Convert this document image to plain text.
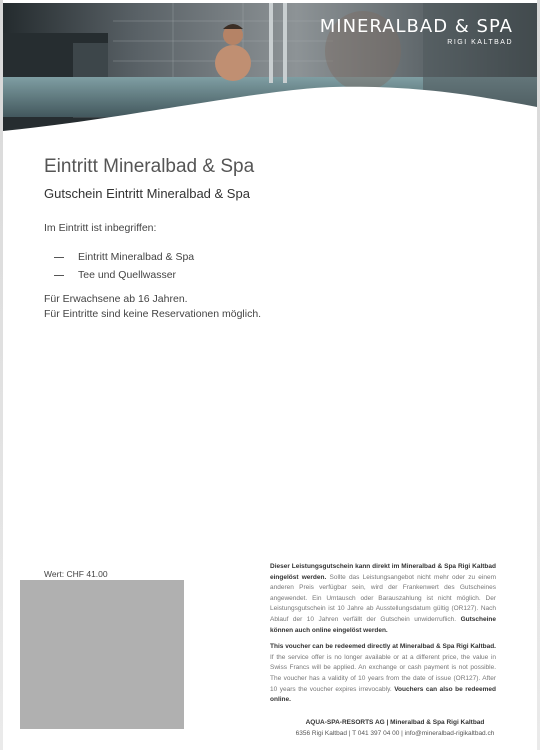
MINERALBAD & SPA
RIGI KALTBAD
Eintritt Mineralbad & Spa
Gutschein Eintritt Mineralbad & Spa
Im Eintritt ist inbegriffen:
Eintritt Mineralbad & Spa
Tee und Quellwasser
Für Erwachsene ab 16 Jahren.
Für Eintritte sind keine Reservationen möglich.
Wert: CHF 41.00

Dieser Leistungsgutschein kann direkt im Mineralbad & Spa Rigi Kaltbad eingelöst werden. Sollte das Leistungsangebot nicht mehr oder zu einem anderen Preis verfügbar sein, wird der Frankenwert des Gutscheines angewendet. Ein Umtausch oder Barauszahlung ist nicht möglich. Der Leistungsgutschein ist 10 Jahre ab Ausstellungsdatum gültig (OR127). Nach Ablauf der 10 Jahren verfällt der Gutschein unwiderruflich. Gutscheine können auch online eingelöst werden.

This voucher can be redeemed directly at Mineralbad & Spa Rigi Kaltbad. If the service offer is no longer available or at a different price, the value in Swiss Francs will be applied. An exchange or cash payment is not possible. The voucher has a validity of 10 years from the date of issue (OR127). After 10 years the voucher expires irrevocably. Vouchers can also be redeemed online.

AQUA-SPA-RESORTS AG | Mineralbad & Spa Rigi Kaltbad
6356 Rigi Kaltbad | T 041 397 04 00 | info@mineralbad-rigikaltbad.ch
